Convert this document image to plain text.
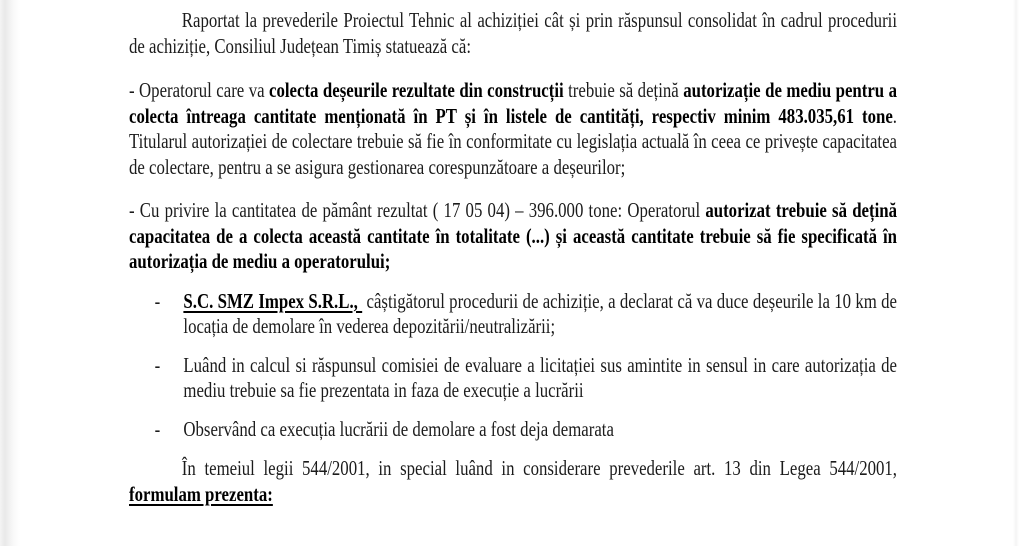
Raportat la prevederile Proiectul Tehnic al achiziției cât și prin răspunsul consolidat în cadrul procedurii de achiziție, Consiliul Județean Timiș statuează că:

- Operatorul care va colecta deșeurile rezultate din construcții trebuie să dețină autorizație de mediu pentru a colecta întreaga cantitate menționată în PT și în listele de cantități, respectiv minim 483.035,61 tone. Titularul autorizației de colectare trebuie să fie în conformitate cu legislația actuală în ceea ce privește capacitatea de colectare, pentru a se asigura gestionarea corespunzătoare a deșeurilor;

- Cu privire la cantitatea de pământ rezultat ( 17 05 04) – 396.000 tone: Operatorul autorizat trebuie să dețină capacitatea de a colecta această cantitate în totalitate (...) și această cantitate trebuie să fie specificată în autorizația de mediu a operatorului;

- S.C. SMZ Impex S.R.L.,  câștigătorul procedurii de achiziție, a declarat că va duce deșeurile la 10 km de locația de demolare în vederea depozitării/neutralizării;

- Luând in calcul si răspunsul comisiei de evaluare a licitației sus amintite in sensul in care autorizația de mediu trebuie sa fie prezentata in faza de execuție a lucrării

- Observând ca execuția lucrării de demolare a fost deja demarata

În temeiul legii 544/2001, in special luând in considerare prevederile art. 13 din Legea 544/2001, formulam prezenta:
